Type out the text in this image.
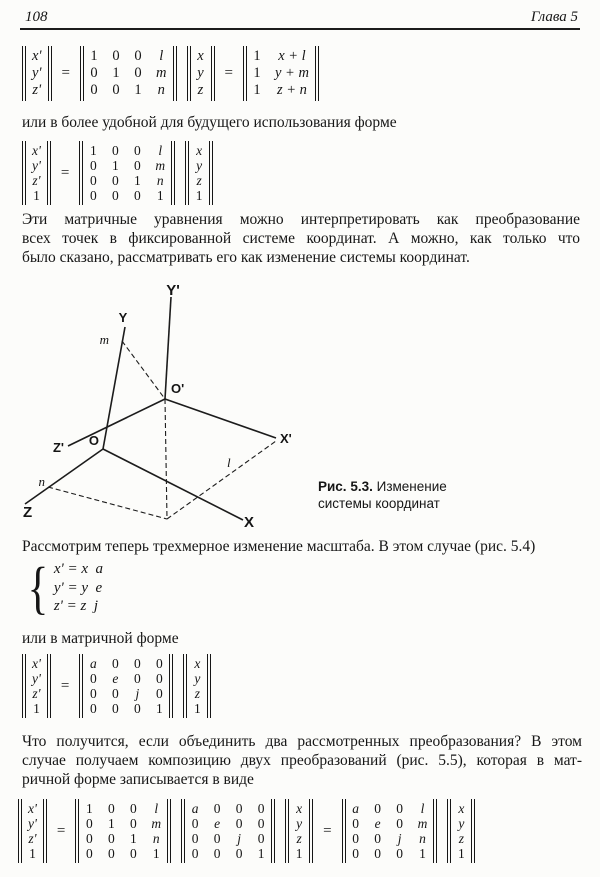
108	Глава 5
x'
y'
z'
=
1 0 0 l
0 1 0 m
0 0 1 n
x
y
z
=
1 x + l
1 y + m
1 z + n
или в более удобной для будущего использования форме
x'
y'
z'
1
=
1 0 0 l
0 1 0 m
0 0 1 n
0 0 0 1
x
y
z
1
Эти матричные уравнения можно интерпретировать как преобразование
всех точек в фиксированной системе координат. А можно, как только что
было сказано, рассматривать его как изменение системы координат.
Y'
Y
m
O'
X'
Z' O
l
n
Z
X
Рис. 5.3. Изменение
системы координат
Рассмотрим теперь трехмерное изменение масштаба. В этом случае (рис. 5.4)
{ x' = x  a
y' = y  e
z' = z  j
или в матричной форме
x'
y'
z'
1
=
a 0 0 0
0 e 0 0
0 0 j 0
0 0 0 1
x
y
z
1
Что получится, если объединить два рассмотренных преобразования? В этом
случае получаем композицию двух преобразований (рис. 5.5), которая в мат-
ричной форме записывается в виде
x'
y'
z'
1
=
1 0 0 l
0 1 0 m
0 0 1 n
0 0 0 1
a 0 0 0
0 e 0 0
0 0 j 0
0 0 0 1
x
y
z
1
=
a 0 0 l
0 e 0 m
0 0 j n
0 0 0 1
x
y
z
1
